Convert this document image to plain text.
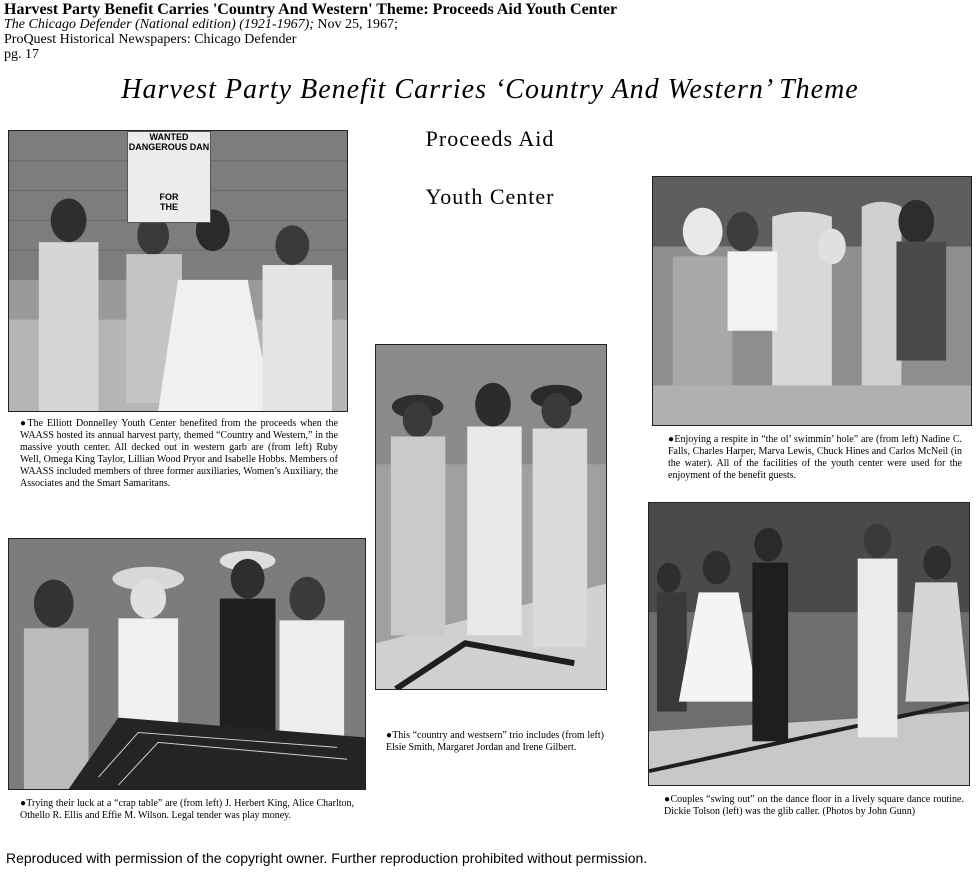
Harvest Party Benefit Carries 'Country And Western' Theme: Proceeds Aid Youth Center
The Chicago Defender (National edition) (1921-1967); Nov 25, 1967;
ProQuest Historical Newspapers: Chicago Defender
pg. 17
Harvest Party Benefit Carries ‘Country And Western’ Theme
Proceeds Aid
Youth Center
WANTED
DANGEROUS DAN
FOR
THE
●The Elliott Donnelley Youth Center benefited from the proceeds when the WAASS hosted its annual harvest party, themed “Country and Western,” in the massive youth center. All decked out in western garb are (from left) Ruby Well, Omega King Taylor, Lillian Wood Pryor and Isabelle Hobbs. Members of WAASS included members of three former auxiliaries, Women’s Auxiliary, the Associates and the Smart Samaritans.
●Enjoying a respite in “the ol’ swimmin’ hole” are (from left) Nadine C. Falls, Charles Harper, Marva Lewis, Chuck Hines and Carlos McNeil (in the water). All of the facilities of the youth center were used for the enjoyment of the benefit guests.
●This “country and westsern” trio includes (from left) Elsie Smith, Margaret Jordan and Irene Gilbert.
●Trying their luck at a “crap table” are (from left) J. Herbert King, Alice Charlton, Othello R. Ellis and Effie M. Wilson. Legal tender was play money.
●Couples “swing out” on the dance floor in a lively square dance routine. Dickie Tolson (left) was the glib caller. (Photos by John Gunn)
Reproduced with permission of the copyright owner. Further reproduction prohibited without permission.
